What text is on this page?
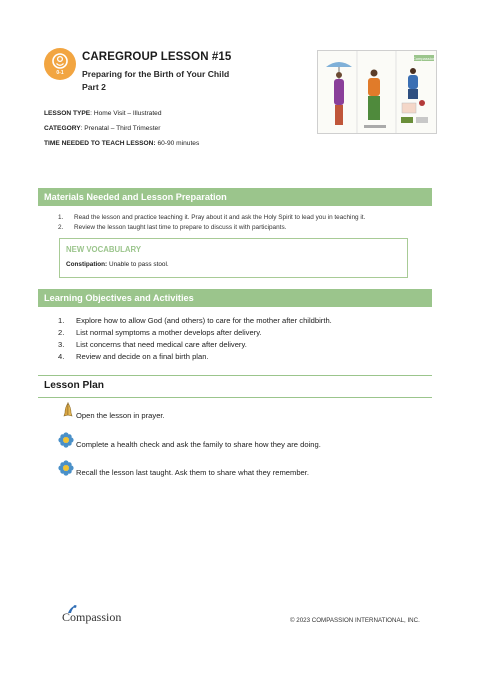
0-1
CAREGROUP LESSON #15
Preparing for the Birth of Your Child
Part 2
LESSON TYPE: Home Visit – Illustrated
CATEGORY: Prenatal – Third Trimester
TIME NEEDED TO TEACH LESSON: 60-90 minutes
Compassion
Materials Needed and Lesson Preparation
1.	Read the lesson and practice teaching it. Pray about it and ask the Holy Spirit to lead you in teaching it.
2.	Review the lesson taught last time to prepare to discuss it with participants.
NEW VOCABULARY
Constipation: Unable to pass stool.
Learning Objectives and Activities
1. Explore how to allow God (and others) to care for the mother after childbirth.
2. List normal symptoms a mother develops after delivery.
3. List concerns that need medical care after delivery.
4. Review and decide on a final birth plan.
Lesson Plan
Open the lesson in prayer.
Complete a health check and ask the family to share how they are doing.
Recall the lesson last taught. Ask them to share what they remember.
Compassion	© 2023 COMPASSION INTERNATIONAL, INC.
